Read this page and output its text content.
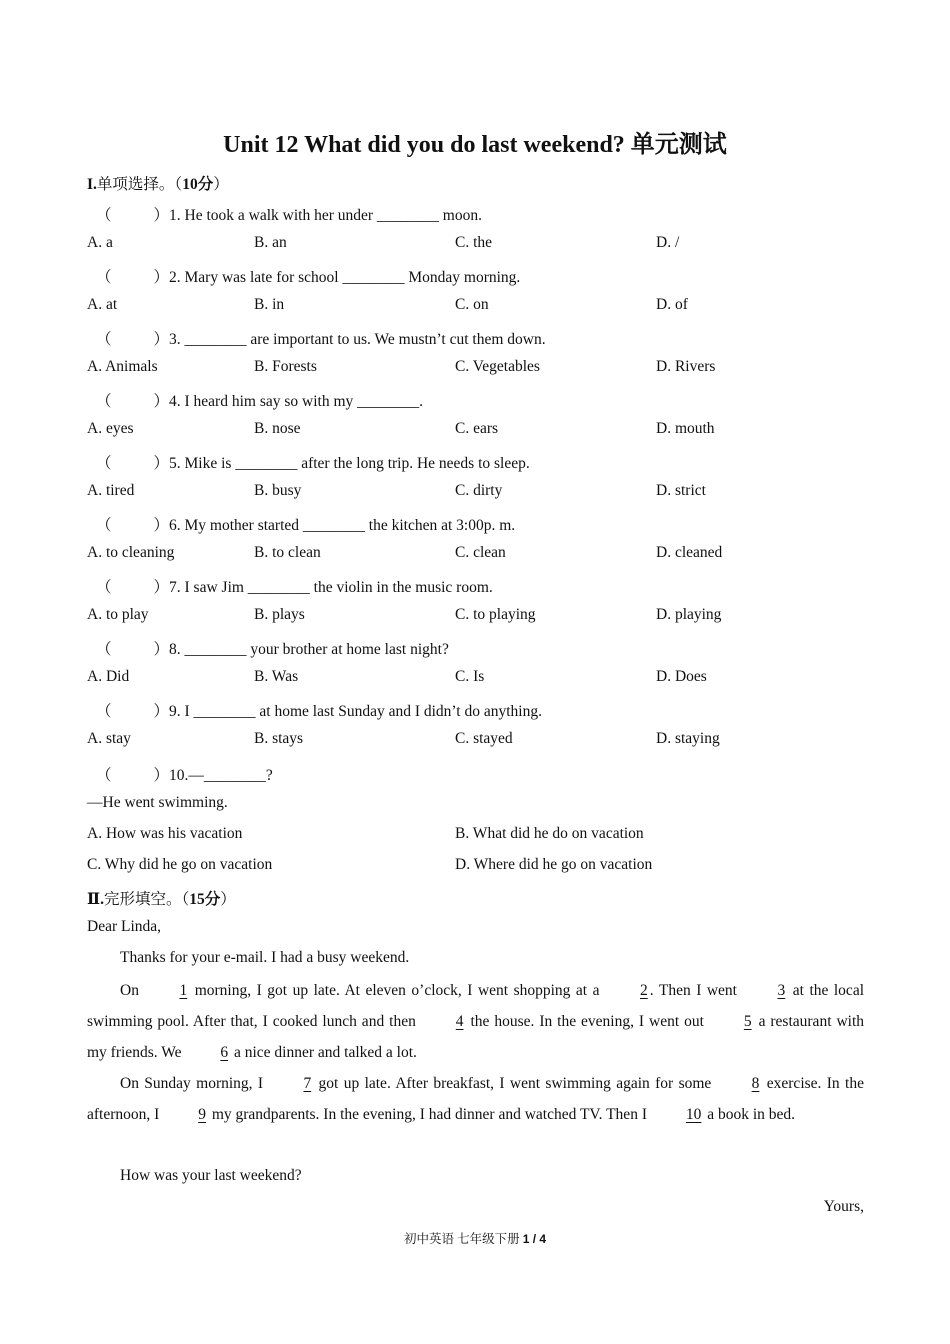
Unit 12 What did you do last weekend? 单元测试
I.单项选择。（10分）
（	）1. He took a walk with her under ________ moon.
A. a	B. an	C. the	D. /
（	）2. Mary was late for school ________ Monday morning.
A. at	B. in	C. on	D. of
（	）3. ________ are important to us. We mustn’t cut them down.
A. Animals	B. Forests	C. Vegetables	D. Rivers
（	）4. I heard him say so with my ________.
A. eyes	B. nose	C. ears	D. mouth
（	）5. Mike is ________ after the long trip. He needs to sleep.
A. tired	B. busy	C. dirty	D. strict
（	）6. My mother started ________ the kitchen at 3:00p. m.
A. to cleaning	B. to clean	C. clean	D. cleaned
（	）7. I saw Jim ________ the violin in the music room.
A. to play	B. plays	C. to playing	D. playing
（	）8. ________ your brother at home last night?
A. Did	B. Was	C. Is	D. Does
（	）9. I ________ at home last Sunday and I didn’t do anything.
A. stay	B. stays	C. stayed	D. staying
（	）10.—________?
—He went swimming.
A. How was his vacation	B. What did he do on vacation
C. Why did he go on vacation	D. Where did he go on vacation
Ⅱ.完形填空。（15分）
Dear Linda,
Thanks for your e-mail. I had a busy weekend.
On 1 morning, I got up late. At eleven o’clock, I went shopping at a 2 . Then I went 3 at the local swimming pool. After that, I cooked lunch and then 4 the house. In the evening, I went out 5 a restaurant with my friends. We 6 a nice dinner and talked a lot.
On Sunday morning, I 7 got up late. After breakfast, I went swimming again for some 8 exercise. In the afternoon, I 9 my grandparents. In the evening, I had dinner and watched TV. Then I 10 a book in bed.
How was your last weekend?
Yours,
初中英语 七年级下册 1 / 4
